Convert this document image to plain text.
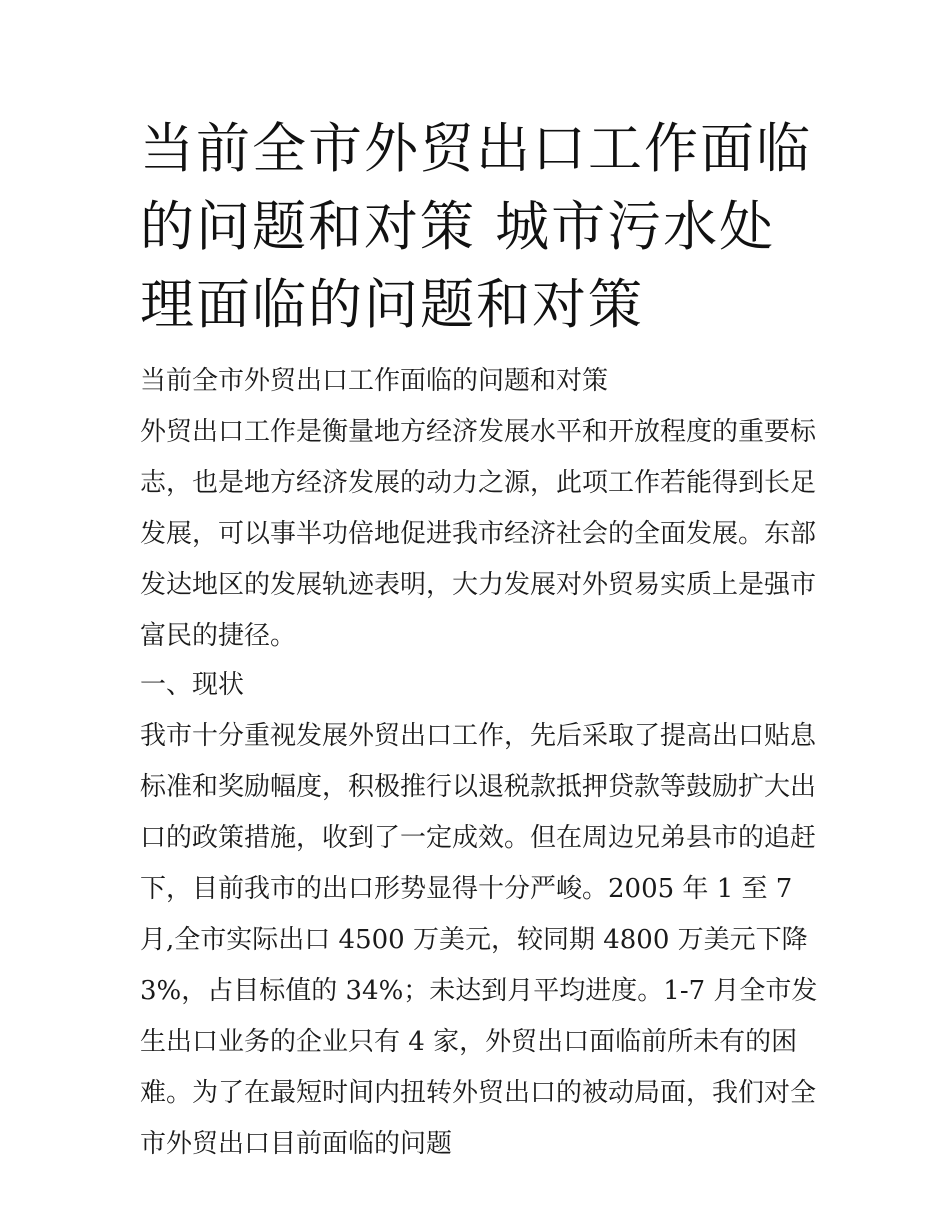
当前全市外贸出口工作面临的问题和对策 城市污水处理面临的问题和对策

当前全市外贸出口工作面临的问题和对策

外贸出口工作是衡量地方经济发展水平和开放程度的重要标志，也是地方经济发展的动力之源，此项工作若能得到长足发展，可以事半功倍地促进我市经济社会的全面发展。东部发达地区的发展轨迹表明，大力发展对外贸易实质上是强市富民的捷径。

一、现状

我市十分重视发展外贸出口工作，先后采取了提高出口贴息标准和奖励幅度，积极推行以退税款抵押贷款等鼓励扩大出口的政策措施，收到了一定成效。但在周边兄弟县市的追赶下，目前我市的出口形势显得十分严峻。2005 年 1 至 7 月,全市实际出口 4500 万美元，较同期 4800 万美元下降 3%，占目标值的 34%；未达到月平均进度。1-7 月全市发生出口业务的企业只有 4 家，外贸出口面临前所未有的困难。为了在最短时间内扭转外贸出口的被动局面，我们对全市外贸出口目前面临的问题
